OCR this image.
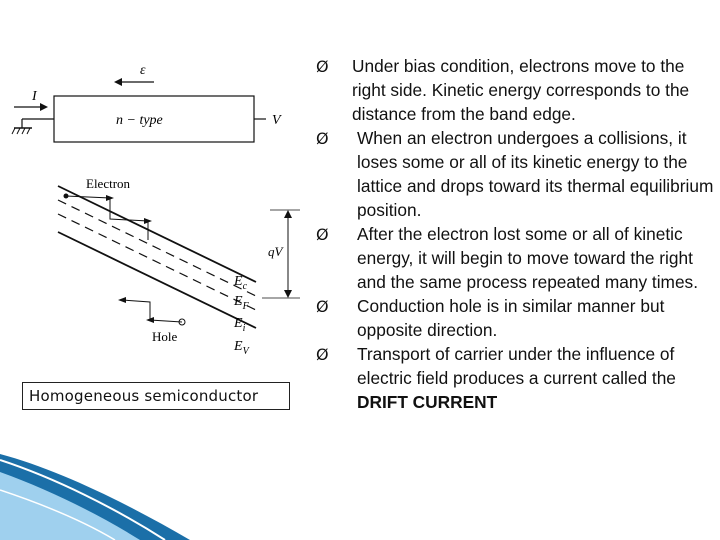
ε
n − type
I
V
Electron
Hole
qV
$E_c$
$E_F$
$E_i$
$E_V$
Homogeneous semiconductor
Ø Under bias condition, electrons move to the right side. Kinetic energy corresponds to the distance from the band edge.
Ø When an electron undergoes a collisions, it loses some or all of its kinetic energy to the lattice and drops toward its thermal equilibrium position.
Ø After the electron lost some or all of kinetic energy, it will begin to move toward the right and the same process repeated many times.
Ø Conduction hole is in similar manner but opposite direction.
Ø Transport of carrier under the influence of electric field produces a current called the DRIFT CURRENT
